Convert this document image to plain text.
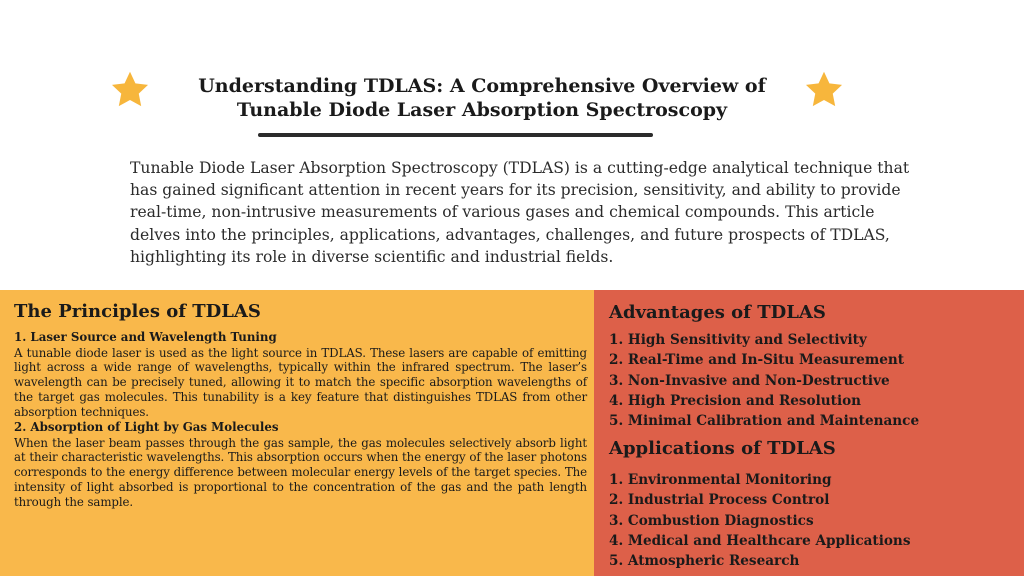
Understanding TDLAS: A Comprehensive Overview of
Tunable Diode Laser Absorption Spectroscopy

Tunable Diode Laser Absorption Spectroscopy (TDLAS) is a cutting-edge analytical technique that has gained significant attention in recent years for its precision, sensitivity, and ability to provide real-time, non-intrusive measurements of various gases and chemical compounds. This article delves into the principles, applications, advantages, challenges, and future prospects of TDLAS, highlighting its role in diverse scientific and industrial fields.

The Principles of TDLAS
1. Laser Source and Wavelength Tuning

A tunable diode laser is used as the light source in TDLAS. These lasers are capable of emitting light across a wide range of wavelengths, typically within the infrared spectrum. The laser’s wavelength can be precisely tuned, allowing it to match the specific absorption wavelengths of the target gas molecules. This tunability is a key feature that distinguishes TDLAS from other absorption techniques.

2. Absorption of Light by Gas Molecules

When the laser beam passes through the gas sample, the gas molecules selectively absorb light at their characteristic wavelengths. This absorption occurs when the energy of the laser photons corresponds to the energy difference between molecular energy levels of the target species. The intensity of light absorbed is proportional to the concentration of the gas and the path length through the sample.

Advantages of TDLAS
1. High Sensitivity and Selectivity
2. Real-Time and In-Situ Measurement
3. Non-Invasive and Non-Destructive
4. High Precision and Resolution
5. Minimal Calibration and Maintenance
Applications of TDLAS
1. Environmental Monitoring
2. Industrial Process Control
3. Combustion Diagnostics
4. Medical and Healthcare Applications
5. Atmospheric Research
